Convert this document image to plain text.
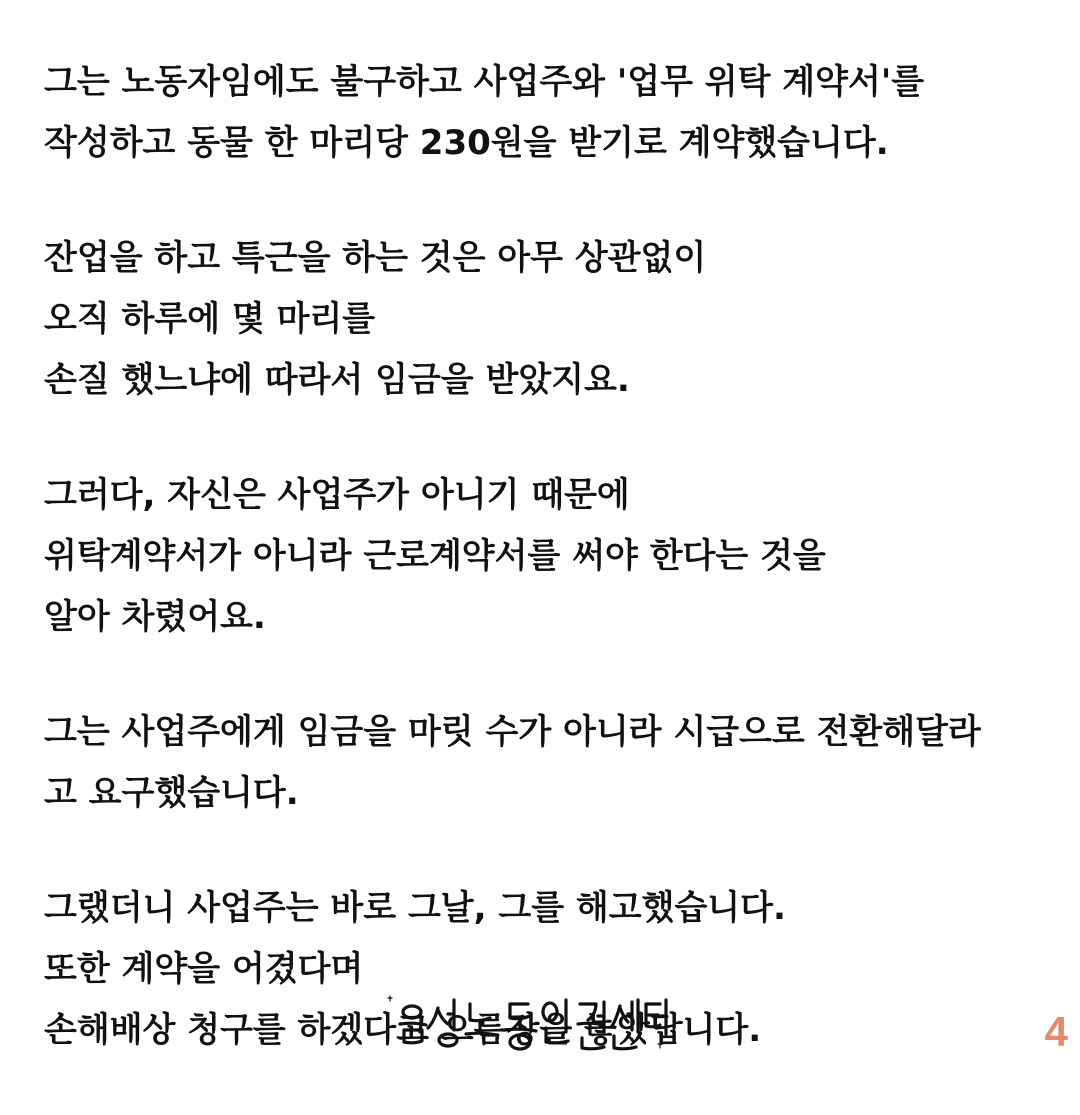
그는 노동자임에도 불구하고 사업주와 '업무 위탁 계약서'를
작성하고 동물 한 마리당 230원을 받기로 계약했습니다.
잔업을 하고 특근을 하는 것은 아무 상관없이
오직 하루에 몇 마리를
손질 했느냐에 따라서 임금을 받았지요.
그러다, 자신은 사업주가 아니기 때문에
위탁계약서가 아니라 근로계약서를 써야 한다는 것을
알아 차렸어요.
그는 사업주에게 임금을 마릿 수가 아니라 시급으로 전환해달라
고 요구했습니다.
그랬더니 사업주는 바로 그날, 그를 해고했습니다.
또한 계약을 어겼다며
손해배상 청구를 하겠다고 으름장을 놓았답니다.	4
